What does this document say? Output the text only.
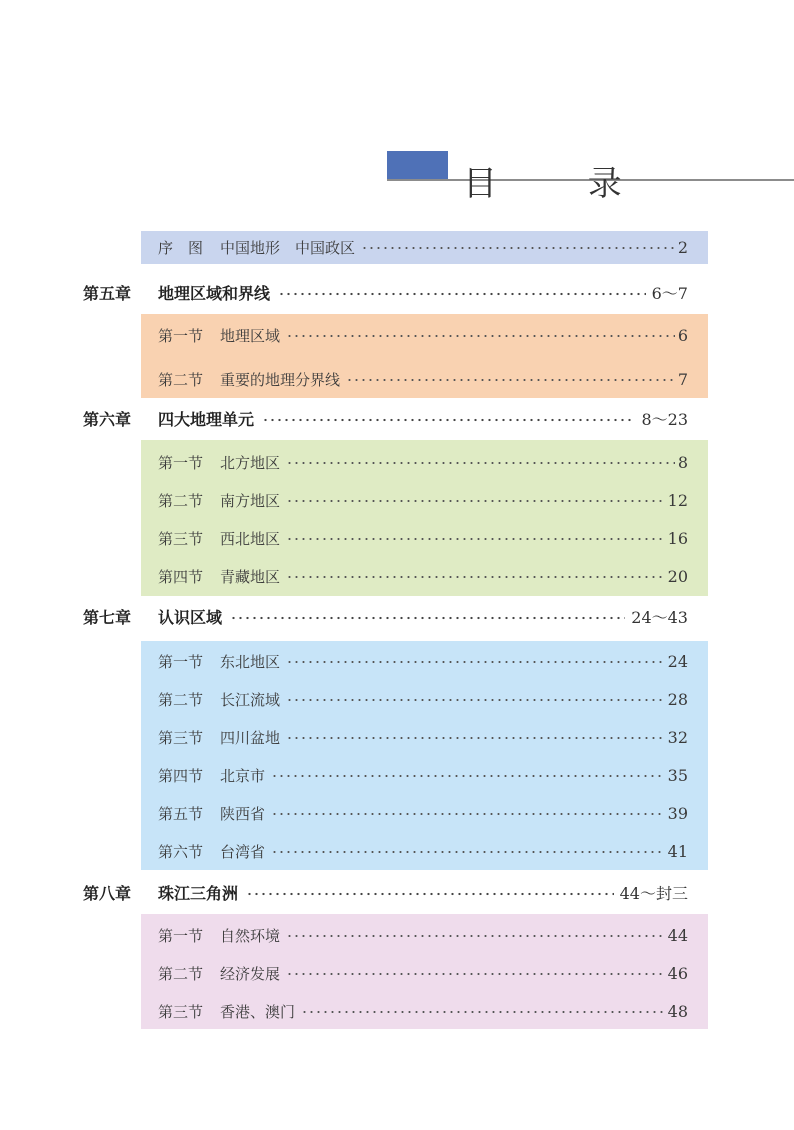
目 录
序　图	中国地形　中国政区	2
第五章	地理区域和界线	6～7
第一节	地理区域	6
第二节	重要的地理分界线	7
第六章	四大地理单元	8～23
第一节	北方地区	8
第二节	南方地区	12
第三节	西北地区	16
第四节	青藏地区	20
第七章	认识区域	24～43
第一节	东北地区	24
第二节	长江流域	28
第三节	四川盆地	32
第四节	北京市	35
第五节	陕西省	39
第六节	台湾省	41
第八章	珠江三角洲	44～封三
第一节	自然环境	44
第二节	经济发展	46
第三节	香港、澳门	48
